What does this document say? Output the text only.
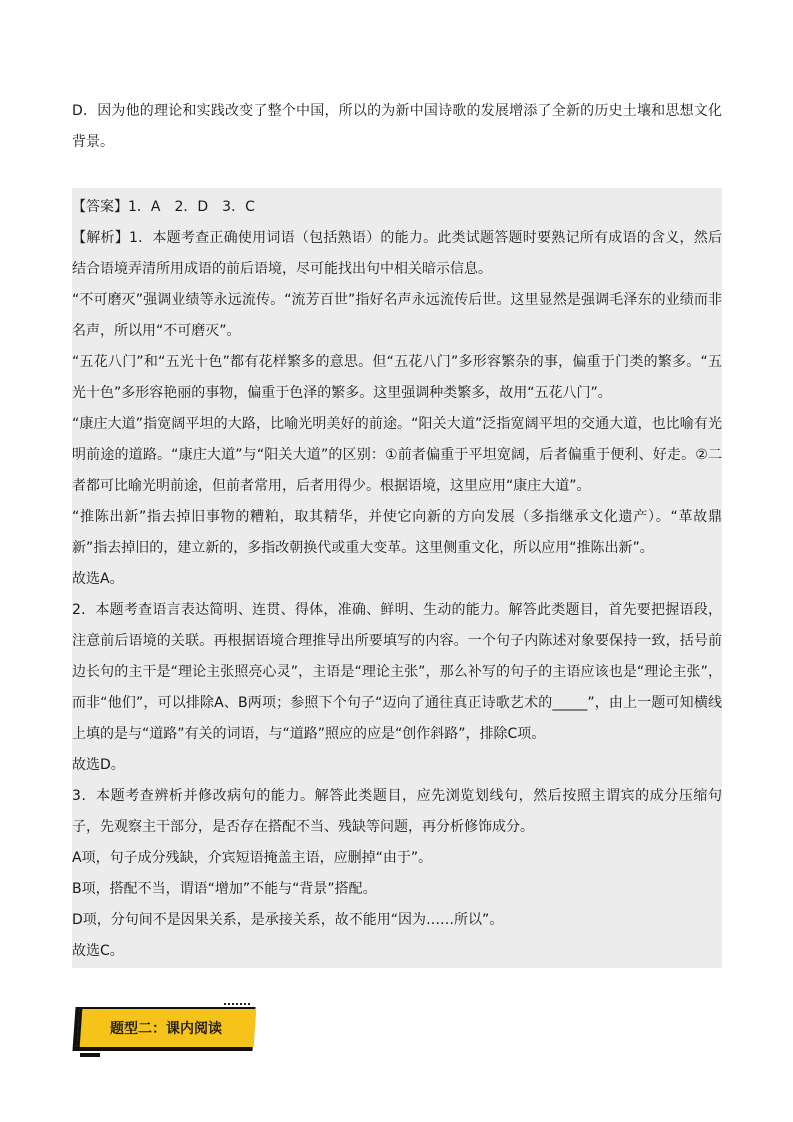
D．因为他的理论和实践改变了整个中国，所以的为新中国诗歌的发展增添了全新的历史土壤和思想文化背景。

【答案】1．A　2．D　3．C

【解析】1．本题考查正确使用词语（包括熟语）的能力。此类试题答题时要熟记所有成语的含义，然后结合语境弄清所用成语的前后语境，尽可能找出句中相关暗示信息。

“不可磨灭”强调业绩等永远流传。“流芳百世”指好名声永远流传后世。这里显然是强调毛泽东的业绩而非名声，所以用“不可磨灭”。

“五花八门”和“五光十色”都有花样繁多的意思。但“五花八门”多形容繁杂的事，偏重于门类的繁多。“五光十色”多形容艳丽的事物，偏重于色泽的繁多。这里强调种类繁多，故用“五花八门”。

“康庄大道”指宽阔平坦的大路，比喻光明美好的前途。“阳关大道”泛指宽阔平坦的交通大道，也比喻有光明前途的道路。“康庄大道”与“阳关大道”的区别：①前者偏重于平坦宽阔，后者偏重于便利、好走。②二者都可比喻光明前途，但前者常用，后者用得少。根据语境，这里应用“康庄大道”。

“推陈出新”指去掉旧事物的糟粕，取其精华，并使它向新的方向发展（多指继承文化遗产）。“革故鼎新”指去掉旧的，建立新的，多指改朝换代或重大变革。这里侧重文化，所以应用“推陈出新”。

故选A。

2．本题考查语言表达简明、连贯、得体，准确、鲜明、生动的能力。解答此类题目，首先要把握语段，注意前后语境的关联。再根据语境合理推导出所要填写的内容。一个句子内陈述对象要保持一致，括号前边长句的主干是“理论主张照亮心灵”，主语是“理论主张”，那么补写的句子的主语应该也是“理论主张”，而非“他们”，可以排除A、B两项；参照下个句子“迈向了通往真正诗歌艺术的_____”，由上一题可知横线上填的是与“道路”有关的词语，与“道路”照应的应是“创作斜路”，排除C项。

故选D。

3．本题考查辨析并修改病句的能力。解答此类题目，应先浏览划线句，然后按照主谓宾的成分压缩句子，先观察主干部分，是否存在搭配不当、残缺等问题，再分析修饰成分。

A项，句子成分残缺，介宾短语掩盖主语，应删掉“由于”。

B项，搭配不当，谓语“增加”不能与“背景”搭配。

D项，分句间不是因果关系，是承接关系，故不能用“因为……所以”。

故选C。

题型二：课内阅读
